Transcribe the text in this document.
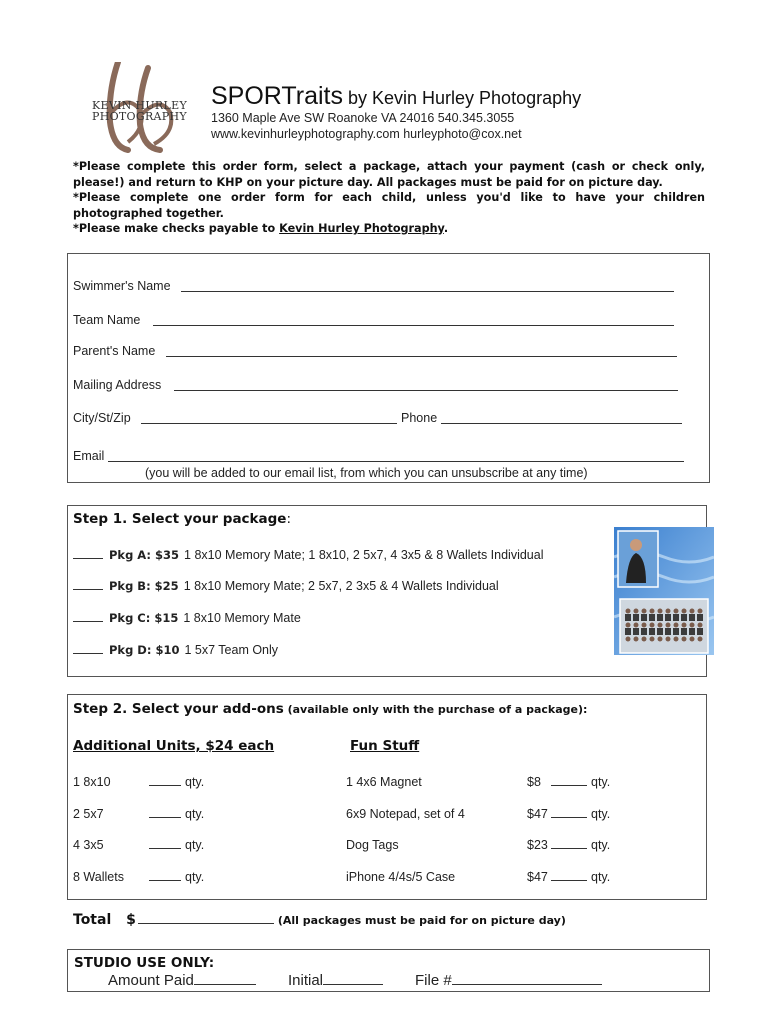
KEVIN HURLEY
PHOTOGRAPHY
SPORTraits by Kevin Hurley Photography
1360 Maple Ave SW Roanoke VA 24016 540.345.3055
www.kevinhurleyphotography.com hurleyphoto@cox.net
*Please complete this order form, select a package, attach your payment (cash or check only, please!) and return to KHP on your picture day. All packages must be paid for on picture day.
*Please complete one order form for each child, unless you'd like to have your children photographed together.
*Please make checks payable to Kevin Hurley Photography.
Swimmer's Name
Team Name
Parent's Name
Mailing Address
City/St/Zip	Phone
Email
(you will be added to our email list, from which you can unsubscribe at any time)
Step 1. Select your package:
Pkg A: $35 1 8x10 Memory Mate; 1 8x10, 2 5x7, 4 3x5 & 8 Wallets Individual
Pkg B: $25 1 8x10 Memory Mate; 2 5x7, 2 3x5 & 4 Wallets Individual
Pkg C: $15 1 8x10 Memory Mate
Pkg D: $10 1 5x7 Team Only
Step 2. Select your add-ons (available only with the purchase of a package):
Additional Units, $24 each	Fun Stuff
1 8x10	qty.
2 5x7	qty.
4 3x5	qty.
8 Wallets	qty.
1 4x6 Magnet	$8	qty.
6x9 Notepad, set of 4	$47	qty.
Dog Tags	$23	qty.
iPhone 4/4s/5 Case	$47	qty.
Total $	(All packages must be paid for on picture day)
STUDIO USE ONLY:
Amount Paid	Initial	File #
